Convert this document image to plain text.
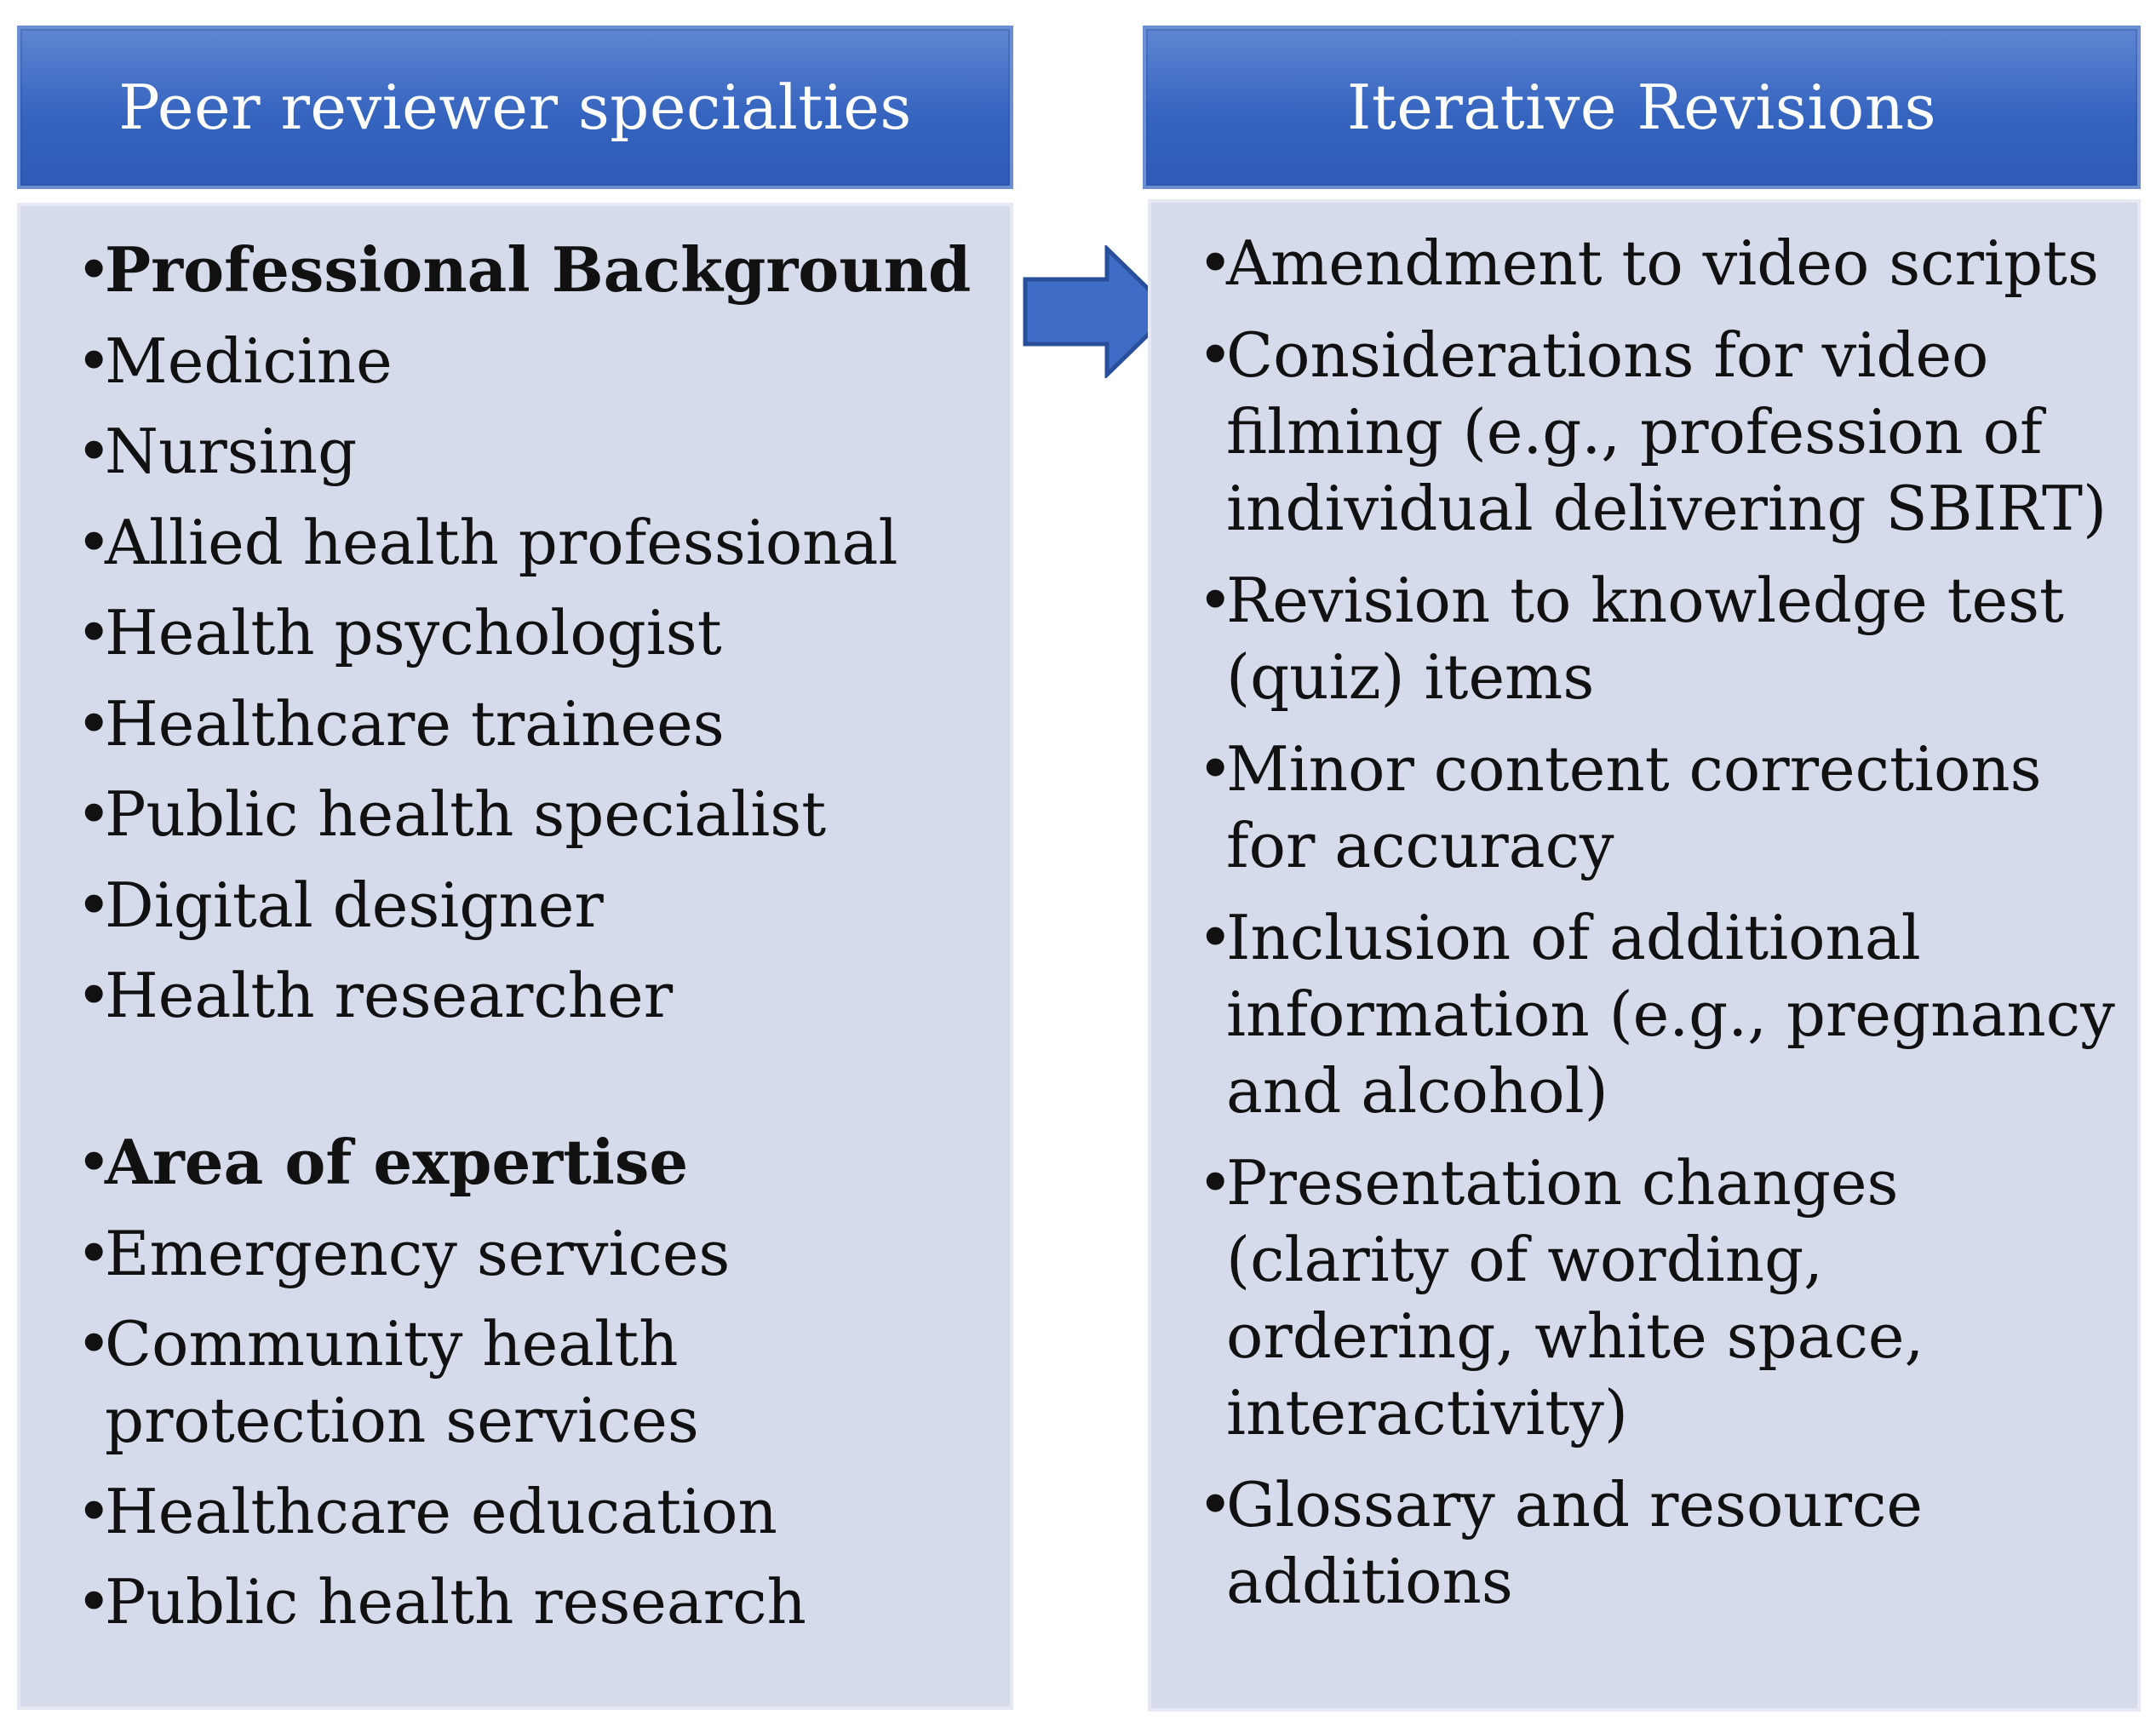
Peer reviewer specialties	Iterative Revisions
•
Professional Background
•
Medicine
•
Nursing
•
Allied health professional
•
Health psychologist
•
Healthcare trainees
•
Public health specialist
•
Digital designer
•
Health researcher
•
Area of expertise
•
Emergency services
•
Community health protection services
•
Healthcare education
•
Public health research
•
Amendment to video scripts
•
Considerations for video filming (e.g., profession of individual delivering SBIRT)
•
Revision to knowledge test (quiz) items
•
Minor content corrections for accuracy
•
Inclusion of additional information (e.g., pregnancy and alcohol)
•
Presentation changes (clarity of wording, ordering, white space, interactivity)
•
Glossary and resource additions
